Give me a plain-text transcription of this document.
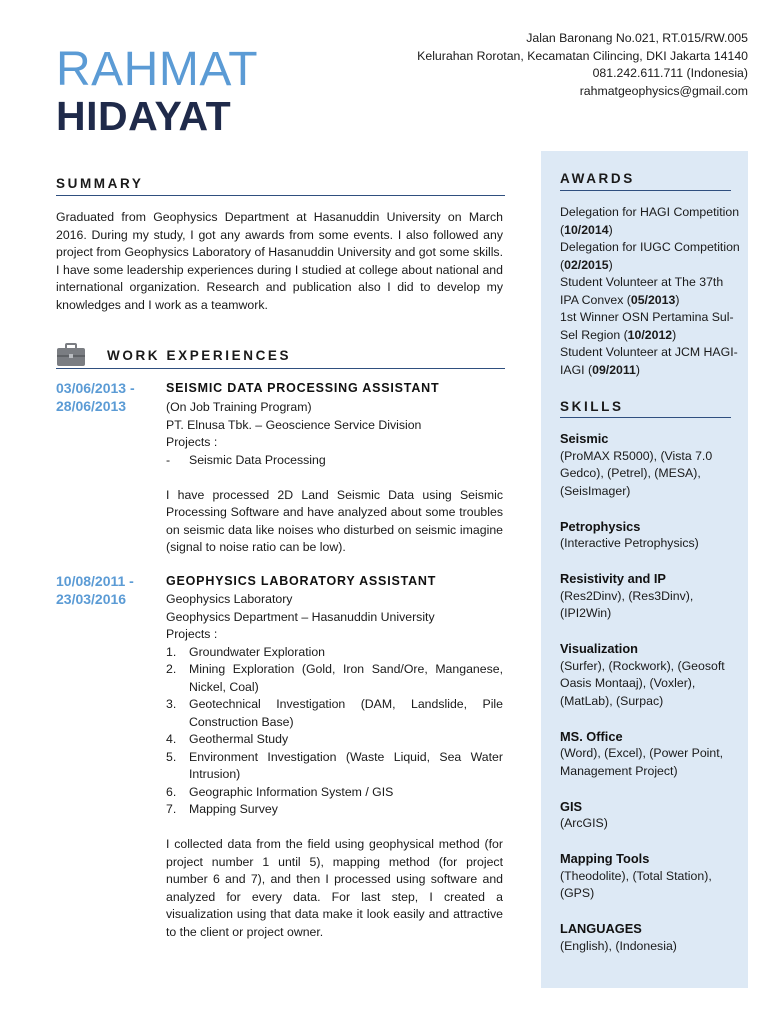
RAHMAT
HIDAYAT
Jalan Baronang No.021, RT.015/RW.005
Kelurahan Rorotan, Kecamatan Cilincing, DKI Jakarta 14140
081.242.611.711 (Indonesia)
rahmatgeophysics@gmail.com
SUMMARY
Graduated from Geophysics Department at Hasanuddin University on March 2016. During my study, I got any awards from some events. I also followed any project from Geophysics Laboratory of Hasanuddin University and got some skills. I have some leadership experiences during I studied at college about national and international organization. Research and publication also I did to develop my knowledges and I work as a teamwork.
WORK EXPERIENCES
03/06/2013 -
28/06/2013
SEISMIC DATA PROCESSING ASSISTANT
(On Job Training Program)
PT. Elnusa Tbk. – Geoscience Service Division
Projects :
-	Seismic Data Processing
I have processed 2D Land Seismic Data using Seismic Processing Software and have analyzed about some troubles on seismic data like noises who disturbed on seismic imagine (signal to noise ratio can be low).
10/08/2011 -
23/03/2016
GEOPHYSICS LABORATORY ASSISTANT
Geophysics Laboratory
Geophysics Department – Hasanuddin University
Projects :
1.	Groundwater Exploration
2.	Mining Exploration (Gold, Iron Sand/Ore, Manganese, Nickel, Coal)
3.	Geotechnical Investigation (DAM, Landslide, Pile Construction Base)
4.	Geothermal Study
5.	Environment Investigation (Waste Liquid, Sea Water Intrusion)
6.	Geographic Information System / GIS
7.	Mapping Survey
I collected data from the field using geophysical method (for project number 1 until 5), mapping method (for project number 6 and 7), and then I processed using software and analyzed for every data. For last step, I created a visualization using that data make it look easily and attractive to the client or project owner.
AWARDS
Delegation for HAGI Competition (10/2014)
Delegation for IUGC Competition (02/2015)
Student Volunteer at The 37th IPA Convex (05/2013)
1st Winner OSN Pertamina Sul-Sel Region (10/2012)
Student Volunteer at JCM HAGI-IAGI (09/2011)
SKILLS
Seismic
(ProMAX R5000), (Vista 7.0 Gedco), (Petrel), (MESA), (SeisImager)
Petrophysics
(Interactive Petrophysics)
Resistivity and IP
(Res2Dinv), (Res3Dinv), (IPI2Win)
Visualization
(Surfer), (Rockwork), (Geosoft Oasis Montaaj), (Voxler), (MatLab), (Surpac)
MS. Office
(Word), (Excel), (Power Point, Management Project)
GIS
(ArcGIS)
Mapping Tools
(Theodolite), (Total Station), (GPS)
LANGUAGES
(English), (Indonesia)
